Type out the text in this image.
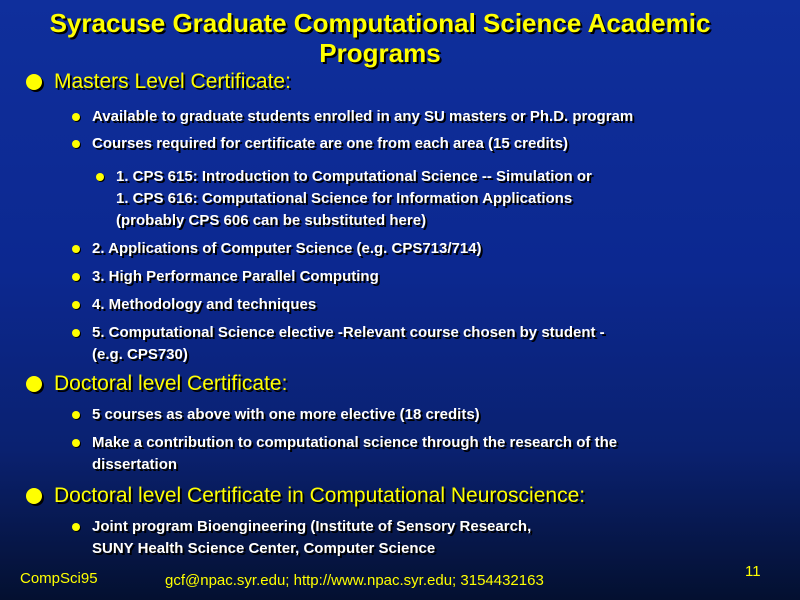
Syracuse Graduate Computational Science Academic Programs
Masters Level Certificate:
Available to graduate students enrolled in any SU masters or Ph.D. program
Courses required for certificate are one from each area (15 credits)
1. CPS 615: Introduction to Computational Science -- Simulation or
1. CPS 616: Computational Science for Information Applications
(probably CPS 606 can be substituted here)
2. Applications of Computer Science (e.g. CPS713/714)
3. High Performance Parallel Computing
4. Methodology and techniques
5. Computational Science elective -Relevant course chosen by student -
(e.g. CPS730)
Doctoral level Certificate:
5 courses as above with one more elective (18 credits)
Make a contribution to computational science through the research of the
dissertation
Doctoral level Certificate in Computational Neuroscience:
Joint program Bioengineering (Institute of Sensory Research,
SUNY Health Science Center, Computer Science
CompSci95	gcf@npac.syr.edu; http://www.npac.syr.edu; 3154432163
11
